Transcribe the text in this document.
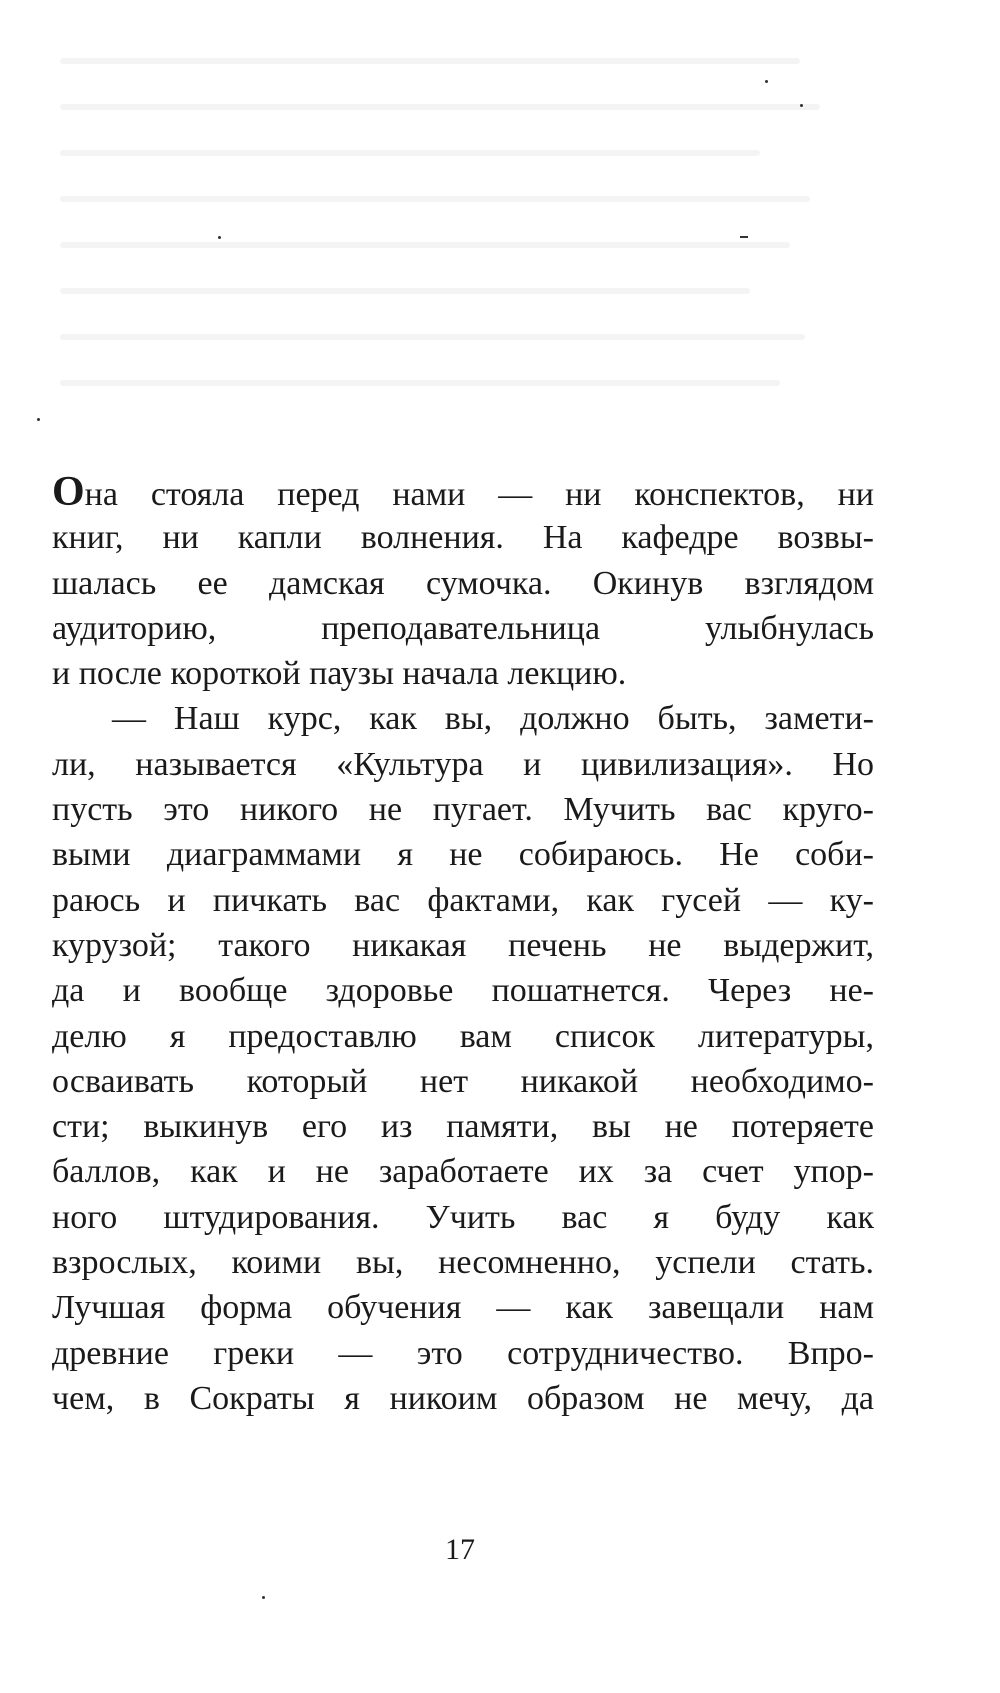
Она стояла перед нами — ни конспектов, ни
книг, ни капли волнения. На кафедре возвы-
шалась ее дамская сумочка. Окинув взглядом
аудиторию, преподавательница улыбнулась
и после короткой паузы начала лекцию.
— Наш курс, как вы, должно быть, замети-
ли, называется «Культура и цивилизация». Но
пусть это никого не пугает. Мучить вас круго-
выми диаграммами я не собираюсь. Не соби-
раюсь и пичкать вас фактами, как гусей — ку-
курузой; такого никакая печень не выдержит,
да и вообще здоровье пошатнется. Через не-
делю я предоставлю вам список литературы,
осваивать который нет никакой необходимо-
сти; выкинув его из памяти, вы не потеряете
баллов, как и не заработаете их за счет упор-
ного штудирования. Учить вас я буду как
взрослых, коими вы, несомненно, успели стать.
Лучшая форма обучения — как завещали нам
древние греки — это сотрудничество. Впро-
чем, в Сократы я никоим образом не мечу, да
17
